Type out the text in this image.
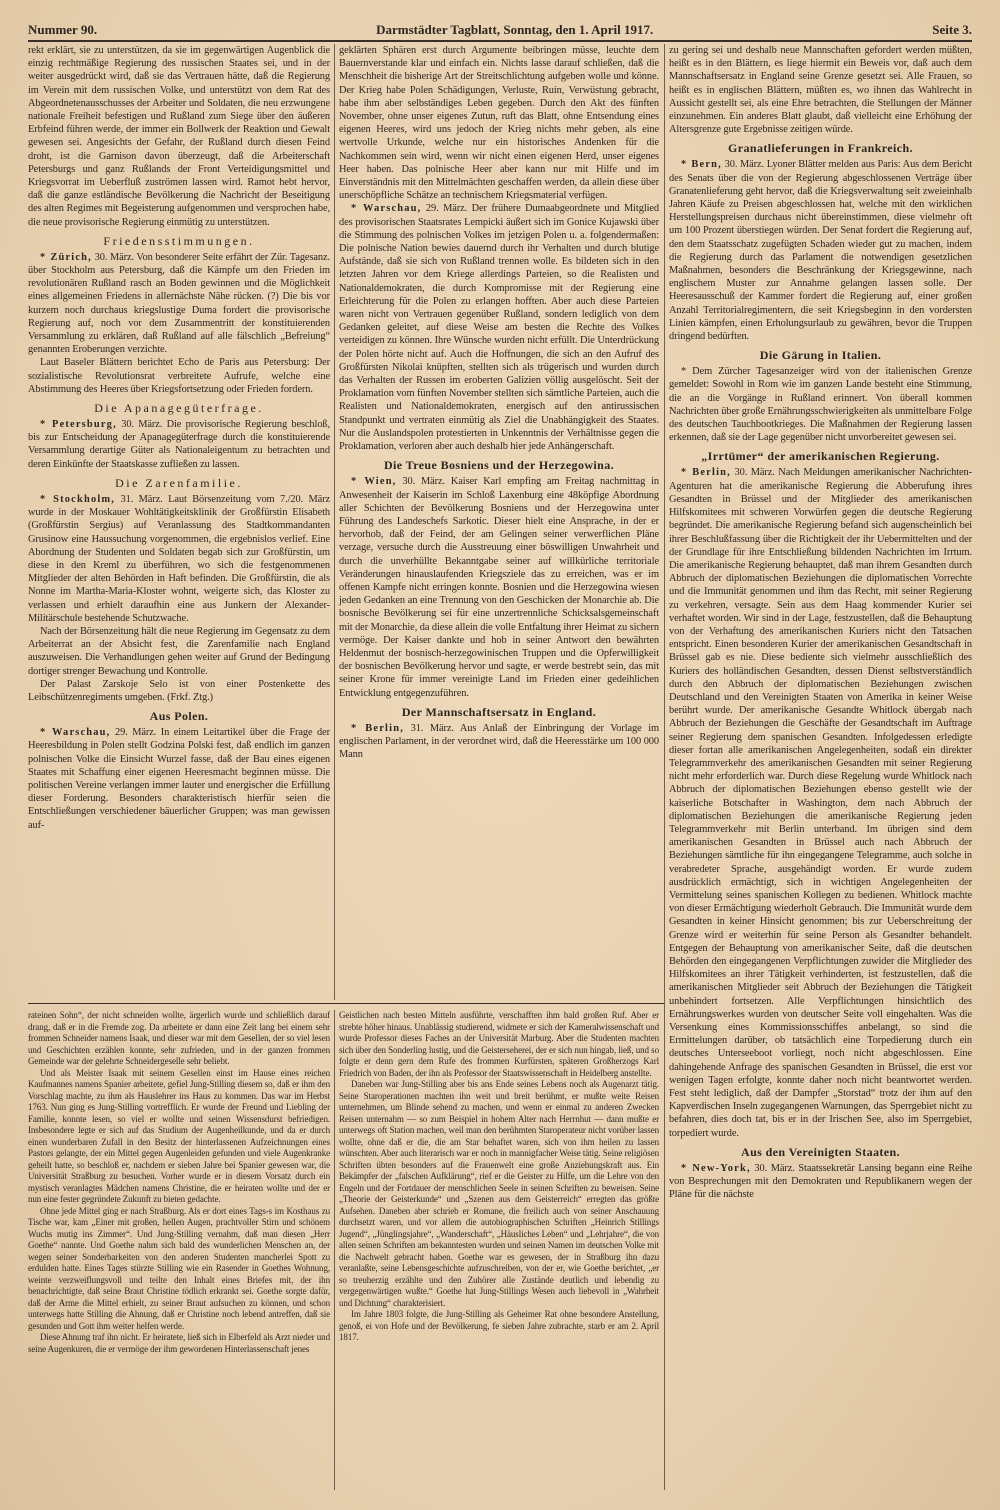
Nummer 90.	Darmstädter Tagblatt, Sonntag, den 1. April 1917.	Seite 3.

rekt erklärt, sie zu unterstützen, da sie im gegenwärtigen Augenblick die einzig rechtmäßige Regierung des russischen Staates sei, und in der weiter ausgedrückt wird, daß sie das Vertrauen hätte, daß die Regierung im Verein mit dem russischen Volke, und unterstützt von dem Rat des Abgeordnetenausschusses der Arbeiter und Soldaten, die neu erzwungene nationale Freiheit befestigen und Rußland zum Siege über den äußeren Erbfeind führen werde, der immer ein Bollwerk der Reaktion und Gewalt gewesen sei. Angesichts der Gefahr, der Rußland durch diesen Feind droht, ist die Garnison davon überzeugt, daß die Arbeiterschaft Petersburgs und ganz Rußlands der Front Verteidigungsmittel und Kriegsvorrat im Ueberfluß zuströmen lassen wird. Ramot hebt hervor, daß die ganze estländische Bevölkerung die Nachricht der Beseitigung des alten Regimes mit Begeisterung aufgenommen und versprochen habe, die neue provisorische Regierung einmütig zu unterstützen.

Friedensstimmungen.

* Zürich, 30. März. Von besonderer Seite erfährt der Zür. Tagesanz. über Stockholm aus Petersburg, daß die Kämpfe um den Frieden im revolutionären Rußland rasch an Boden gewinnen und die Möglichkeit eines allgemeinen Friedens in allernächste Nähe rücken. (?) Die bis vor kurzem noch durchaus kriegslustige Duma fordert die provisorische Regierung auf, noch vor dem Zusammentritt der konstituierenden Versammlung zu erklären, daß Rußland auf alle fälschlich „Befreiung“ genannten Eroberungen verzichte.

Laut Baseler Blättern berichtet Echo de Paris aus Petersburg: Der sozialistische Revolutionsrat verbreitete Aufrufe, welche eine Abstimmung des Heeres über Kriegsfortsetzung oder Frieden fordern.

Die Apanagegüterfrage.

* Petersburg, 30. März. Die provisorische Regierung beschloß, bis zur Entscheidung der Apanagegüterfrage durch die konstituierende Versammlung derartige Güter als Nationaleigentum zu betrachten und deren Einkünfte der Staatskasse zufließen zu lassen.

Die Zarenfamilie.

* Stockholm, 31. März. Laut Börsenzeitung vom 7./20. März wurde in der Moskauer Wohltätigkeitsklinik der Großfürstin Elisabeth (Großfürstin Sergius) auf Veranlassung des Stadtkommandanten Grusinow eine Haussuchung vorgenommen, die ergebnislos verlief. Eine Abordnung der Studenten und Soldaten begab sich zur Großfürstin, um diese in den Kreml zu überführen, wo sich die festgenommenen Mitglieder der alten Behörden in Haft befinden. Die Großfürstin, die als Nonne im Martha-Maria-Kloster wohnt, weigerte sich, das Kloster zu verlassen und erhielt daraufhin eine aus Junkern der Alexander-Militärschule bestehende Schutzwache.

Nach der Börsenzeitung hält die neue Regierung im Gegensatz zu dem Arbeiterrat an der Absicht fest, die Zarenfamilie nach England auszuweisen. Die Verhandlungen gehen weiter auf Grund der Bedingung dortiger strenger Bewachung und Kontrolle.

Der Palast Zarskoje Selo ist von einer Postenkette des Leibschützenregiments umgeben. (Frkf. Ztg.)

Aus Polen.

* Warschau, 29. März. In einem Leitartikel über die Frage der Heeresbildung in Polen stellt Godzina Polski fest, daß endlich im ganzen polnischen Volke die Einsicht Wurzel fasse, daß der Bau eines eigenen Staates mit Schaffung einer eigenen Heeresmacht beginnen müsse. Die politischen Vereine verlangen immer lauter und energischer die Erfüllung dieser Forderung. Besonders charakteristisch hierfür seien die Entschließungen verschiedener bäuerlicher Gruppen; was man gewissen auf-

geklärten Sphären erst durch Argumente beibringen müsse, leuchte dem Bauernverstande klar und einfach ein. Nichts lasse darauf schließen, daß die Menschheit die bisherige Art der Streitschlichtung aufgeben wolle und könne. Der Krieg habe Polen Schädigungen, Verluste, Ruin, Verwüstung gebracht, habe ihm aber selbständiges Leben gegeben. Durch den Akt des fünften November, ohne unser eigenes Zutun, ruft das Blatt, ohne Entsendung eines eigenen Heeres, wird uns jedoch der Krieg nichts mehr geben, als eine wertvolle Urkunde, welche nur ein historisches Andenken für die Nachkommen sein wird, wenn wir nicht einen eigenen Herd, unser eigenes Heer haben. Das polnische Heer aber kann nur mit Hilfe und im Einverständnis mit den Mittelmächten geschaffen werden, da allein diese über unerschöpfliche Schätze an technischem Kriegsmaterial verfügen.

* Warschau, 29. März. Der frühere Dumaabgeordnete und Mitglied des provisorischen Staatsrates Lempicki äußert sich im Gonice Kujawski über die Stimmung des polnischen Volkes im jetzigen Polen u. a. folgendermaßen: Die polnische Nation bewies dauernd durch ihr Verhalten und durch blutige Aufstände, daß sie sich von Rußland trennen wolle. Es bildeten sich in den letzten Jahren vor dem Kriege allerdings Parteien, so die Realisten und Nationaldemokraten, die durch Kompromisse mit der Regierung eine Erleichterung für die Polen zu erlangen hofften. Aber auch diese Parteien waren nicht von Vertrauen gegenüber Rußland, sondern lediglich von dem Gedanken geleitet, auf diese Weise am besten die Rechte des Volkes verteidigen zu können. Ihre Wünsche wurden nicht erfüllt. Die Unterdrückung der Polen hörte nicht auf. Auch die Hoffnungen, die sich an den Aufruf des Großfürsten Nikolai knüpften, stellten sich als trügerisch und wurden durch das Verhalten der Russen im eroberten Galizien völlig ausgelöscht. Seit der Proklamation vom fünften November stellten sich sämtliche Parteien, auch die Realisten und Nationaldemokraten, energisch auf den antirussischen Standpunkt und vertraten einmütig als Ziel die Unabhängigkeit des Staates. Nur die Auslandspolen protestierten in Unkenntnis der Verhältnisse gegen die Proklamation, verloren aber auch deshalb hier jede Anhängerschaft.

Die Treue Bosniens und der Herzegowina.

* Wien, 30. März. Kaiser Karl empfing am Freitag nachmittag in Anwesenheit der Kaiserin im Schloß Laxenburg eine 48köpfige Abordnung aller Schichten der Bevölkerung Bosniens und der Herzegowina unter Führung des Landeschefs Sarkotic. Dieser hielt eine Ansprache, in der er hervorhob, daß der Feind, der am Gelingen seiner verwerflichen Pläne verzage, versuche durch die Ausstreuung einer böswilligen Unwahrheit und durch die unverhüllte Bekanntgabe seiner auf willkürliche territoriale Veränderungen hinauslaufenden Kriegsziele das zu erreichen, was er im offenen Kampfe nicht erringen konnte. Bosnien und die Herzegowina wiesen jeden Gedanken an eine Trennung von den Geschicken der Monarchie ab. Die bosnische Bevölkerung sei für eine unzertrennliche Schicksalsgemeinschaft mit der Monarchie, da diese allein die volle Entfaltung ihrer Heimat zu sichern vermöge. Der Kaiser dankte und hob in seiner Antwort den bewährten Heldenmut der bosnisch-herzegowinischen Truppen und die Opferwilligkeit der bosnischen Bevölkerung hervor und sagte, er werde bestrebt sein, das mit seiner Krone für immer vereinigte Land im Frieden einer gedeihlichen Entwicklung entgegenzuführen.

Der Mannschaftsersatz in England.

* Berlin, 31. März. Aus Anlaß der Einbringung der Vorlage im englischen Parlament, in der verordnet wird, daß die Heeresstärke um 100 000 Mann

zu gering sei und deshalb neue Mannschaften gefordert werden müßten, heißt es in den Blättern, es liege hiermit ein Beweis vor, daß auch dem Mannschaftsersatz in England seine Grenze gesetzt sei. Alle Frauen, so heißt es in englischen Blättern, müßten es, wo ihnen das Wahlrecht in Aussicht gestellt sei, als eine Ehre betrachten, die Stellungen der Männer einzunehmen. Ein anderes Blatt glaubt, daß vielleicht eine Erhöhung der Altersgrenze gute Ergebnisse zeitigen würde.

Granatlieferungen in Frankreich.

* Bern, 30. März. Lyoner Blätter melden aus Paris: Aus dem Bericht des Senats über die von der Regierung abgeschlossenen Verträge über Granatenlieferung geht hervor, daß die Kriegsverwaltung seit zweieinhalb Jahren Käufe zu Preisen abgeschlossen hat, welche mit den wirklichen Herstellungspreisen durchaus nicht übereinstimmen, diese vielmehr oft um 100 Prozent überstiegen würden. Der Senat fordert die Regierung auf, den dem Staatsschatz zugefügten Schaden wieder gut zu machen, indem die Regierung durch das Parlament die notwendigen gesetzlichen Maßnahmen, besonders die Beschränkung der Kriegsgewinne, nach englischem Muster zur Annahme gelangen lassen solle. Der Heeresausschuß der Kammer fordert die Regierung auf, einer großen Anzahl Territorialregimentern, die seit Kriegsbeginn in den vordersten Linien kämpfen, einen Erholungsurlaub zu gewähren, bevor die Truppen dringend bedürften.

Die Gärung in Italien.

* Dem Zürcher Tagesanzeiger wird von der italienischen Grenze gemeldet: Sowohl in Rom wie im ganzen Lande besteht eine Stimmung, die an die Vorgänge in Rußland erinnert. Von überall kommen Nachrichten über große Ernährungsschwierigkeiten als unmittelbare Folge des deutschen Tauchbootkrieges. Die Maßnahmen der Regierung lassen erkennen, daß sie der Lage gegenüber nicht unvorbereitet gewesen sei.

„Irrtümer“ der amerikanischen Regierung.

* Berlin, 30. März. Nach Meldungen amerikanischer Nachrichten-Agenturen hat die amerikanische Regierung die Abberufung ihres Gesandten in Brüssel und der Mitglieder des amerikanischen Hilfskomitees mit schweren Vorwürfen gegen die deutsche Regierung begründet. Die amerikanische Regierung befand sich augenscheinlich bei ihrer Beschlußfassung über die Richtigkeit der ihr Uebermittelten und der der Grundlage für ihre Entschließung bildenden Nachrichten im Irrtum. Die amerikanische Regierung behauptet, daß man ihrem Gesandten durch Abbruch der diplomatischen Beziehungen die diplomatischen Vorrechte und die Immunität genommen und ihm das Recht, mit seiner Regierung zu verkehren, versagte. Sein aus dem Haag kommender Kurier sei verhaftet worden. Wir sind in der Lage, festzustellen, daß die Behauptung von der Verhaftung des amerikanischen Kuriers nicht den Tatsachen entspricht. Einen besonderen Kurier der amerikanischen Gesandtschaft in Brüssel gab es nie. Diese bediente sich vielmehr ausschließlich des Kuriers des holländischen Gesandten, dessen Dienst selbstverständlich durch den Abbruch der diplomatischen Beziehungen zwischen Deutschland und den Vereinigten Staaten von Amerika in keiner Weise berührt wurde. Der amerikanische Gesandte Whitlock übergab nach Abbruch der Beziehungen die Geschäfte der Gesandtschaft im Auftrage seiner Regierung dem spanischen Gesandten. Infolgedessen erledigte dieser fortan alle amerikanischen Angelegenheiten, sodaß ein direkter Telegrammverkehr des amerikanischen Gesandten mit seiner Regierung nicht mehr erforderlich war. Durch diese Regelung wurde Whitlock nach Abbruch der diplomatischen Beziehungen ebenso gestellt wie der kaiserliche Botschafter in Washington, dem nach Abbruch der diplomatischen Beziehungen die amerikanische Regierung jeden Telegrammverkehr mit Berlin unterband. Im übrigen sind dem amerikanischen Gesandten in Brüssel auch nach Abbruch der Beziehungen sämtliche für ihn eingegangene Telegramme, auch solche in verabredeter Sprache, ausgehändigt worden. Er wurde zudem ausdrücklich ermächtigt, sich in wichtigen Angelegenheiten der Vermittelung seines spanischen Kollegen zu bedienen. Whitlock machte von dieser Ermächtigung wiederholt Gebrauch. Die Immunität wurde dem Gesandten in keiner Hinsicht genommen; bis zur Ueberschreitung der Grenze wird er weiterhin für seine Person als Gesandter behandelt. Entgegen der Behauptung von amerikanischer Seite, daß die deutschen Behörden den eingegangenen Verpflichtungen zuwider die Mitglieder des Hilfskomitees an ihrer Tätigkeit verhinderten, ist festzustellen, daß die amerikanischen Mitglieder seit Abbruch der Beziehungen die Tätigkeit unbehindert fortsetzen. Alle Verpflichtungen hinsichtlich des Ernährungswerkes wurden von deutscher Seite voll eingehalten. Was die Versenkung eines Kommissionsschiffes anbelangt, so sind die Ermittelungen darüber, ob tatsächlich eine Torpedierung durch ein deutsches Unterseeboot vorliegt, noch nicht abgeschlossen. Eine dahingehende Anfrage des spanischen Gesandten in Brüssel, die erst vor wenigen Tagen erfolgte, konnte daher noch nicht beantwortet werden. Fest steht lediglich, daß der Dampfer „Storstad“ trotz der ihm auf den Kapverdischen Inseln zugegangenen Warnungen, das Sperrgebiet nicht zu befahren, dies doch tat, bis er in der Irischen See, also im Sperrgebiet, torpediert wurde.

Aus den Vereinigten Staaten.

* New-York, 30. März. Staatssekretär Lansing begann eine Reihe von Besprechungen mit den Demokraten und Republikanern wegen der Pläne für die nächste

rateinen Sohn“, der nicht schneiden wollte, ärgerlich wurde und schließlich darauf drang, daß er in die Fremde zog. Da arbeitete er dann eine Zeit lang bei einem sehr frommen Schneider namens Isaak, und dieser war mit dem Gesellen, der so viel lesen und Geschichten erzählen konnte, sehr zufrieden, und in der ganzen frommen Gemeinde war der gelehrte Schneidergeselle sehr beliebt.

Und als Meister Isaak mit seinem Gesellen einst im Hause eines reichen Kaufmannes namens Spanier arbeitete, gefiel Jung-Stilling diesem so, daß er ihm den Vorschlag machte, zu ihm als Hauslehrer ins Haus zu kommen. Das war im Herbst 1763. Nun ging es Jung-Stilling vortrefflich. Er wurde der Freund und Liebling der Familie, konnte lesen, so viel er wollte und seinen Wissensdurst befriedigen. Insbesondere legte er sich auf das Studium der Augenheilkunde, und da er durch einen wunderbaren Zufall in den Besitz der hinterlassenen Aufzeichnungen eines Pastors gelangte, der ein Mittel gegen Augenleiden gefunden und viele Augenkranke geheilt hatte, so beschloß er, nachdem er sieben Jahre bei Spanier gewesen war, die Universität Straßburg zu besuchen. Vorher wurde er in diesem Vorsatz durch ein mystisch veranlagtes Mädchen namens Christine, die er heiraten wollte und der er nun eine fester gegründete Zukunft zu bieten gedachte.

Ohne jede Mittel ging er nach Straßburg. Als er dort eines Tags-s im Kosthaus zu Tische war, kam „Einer mit großen, hellen Augen, prachtvoller Stirn und schönem Wuchs mutig ins Zimmer“. Und Jung-Stilling vernahm, daß man diesen „Herr Goethe“ nannte. Und Goethe nahm sich bald des wunderlichen Menschen an, der wegen seiner Sonderbarkeiten von den anderen Studenten mancherlei Spott zu erdulden hatte. Eines Tages stürzte Stilling wie ein Rasender in Goethes Wohnung, weinte verzweiflungsvoll und teilte den Inhalt eines Briefes mit, der ihn benachrichtigte, daß seine Braut Christine tödlich erkrankt sei. Goethe sorgte dafür, daß der Arme die Mittel erhielt, zu seiner Braut aufsuchen zu können, und schon unterwegs hatte Stilling die Ahnung, daß er Christine noch lebend antreffen, daß sie gesunden und Gott ihm weiter helfen werde.

Diese Ahnung traf ihn nicht. Er heiratete, ließ sich in Elberfeld als Arzt nieder und seine Augenkuren, die er vermöge der ihm gewordenen Hinterlassenschaft jenes

Geistlichen nach besten Mitteln ausführte, verschafften ihm bald großen Ruf. Aber er strebte höher hinaus. Unablässig studierend, widmete er sich der Kameralwissenschaft und wurde Professor dieses Faches an der Universität Marburg. Aber die Studenten machten sich über den Sonderling lustig, und die Geisterseherei, der er sich nun hingab, ließ, und so folgte er denn gern dem Rufe des frommen Kurfürsten, späteren Großherzogs Karl Friedrich von Baden, der ihn als Professor der Staatswissenschaft in Heidelberg anstellte.

Daneben war Jung-Stilling aber bis ans Ende seines Lebens noch als Augenarzt tätig. Seine Staroperationen machten ihn weit und breit berühmt, er mußte weite Reisen unternehmen, um Blinde sehend zu machen, und wenn er einmal zu anderen Zwecken Reisen unternahm — so zum Beispiel in hohem Alter nach Herrnhut — dann mußte er unterwegs oft Station machen, weil man den berühmten Staroperateur nicht vorüber lassen wollte, ohne daß er die, die am Star behaftet waren, sich von ihm heilen zu lassen wünschten. Aber auch literarisch war er noch in mannigfacher Weise tätig. Seine religiösen Schriften übten besonders auf die Frauenwelt eine große Anziehungskraft aus. Ein Bekämpfer der „falschen Aufklärung“, rief er die Geister zu Hilfe, um die Lehre von den Engeln und der Fortdauer der menschlichen Seele in seinen Schriften zu beweisen. Seine „Theorie der Geisterkunde“ und „Szenen aus dem Geisterreich“ erregten das größte Aufsehen. Daneben aber schrieb er Romane, die freilich auch von seiner Anschauung durchsetzt waren, und vor allem die autobiographischen Schriften „Heinrich Stillings Jugend“, „Jünglingsjahre“, „Wanderschaft“, „Häusliches Leben“ und „Lehrjahre“, die von allen seinen Schriften am bekanntesten wurden und seinen Namen im deutschen Volke mit die Nachwelt gebracht haben. Goethe war es gewesen, der in Straßburg ihn dazu veranlaßte, seine Lebensgeschichte aufzuschreiben, von der er, wie Goethe berichtet, „er so treuherzig erzählte und den Zuhörer alle Zustände deutlich und lebendig zu vergegenwärtigen wußte.“ Goethe hat Jung-Stillings Wesen auch liebevoll in „Wahrheit und Dichtung“ charakterisiert.

Im Jahre 1803 folgte, die Jung-Stilling als Geheimer Rat ohne besondere Anstellung, genoß, ei von Hofe und der Bevölkerung, fe sieben Jahre zubrachte, starb er am 2. April 1817.
